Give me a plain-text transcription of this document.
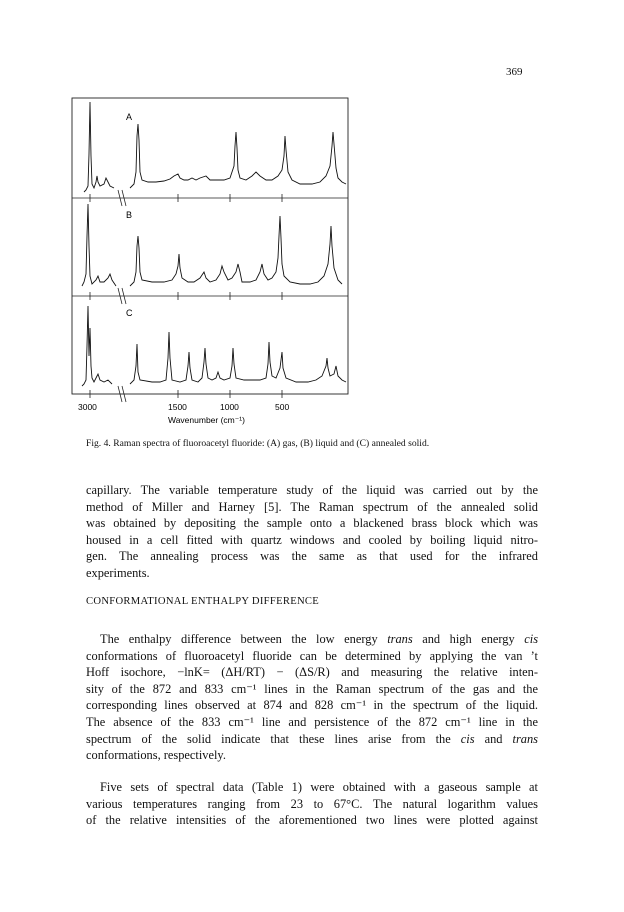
369
A
B
C
3000	1500	1000	500
Wavenumber (cm⁻¹)
Fig. 4. Raman spectra of fluoroacetyl fluoride: (A) gas, (B) liquid and (C) annealed solid.

capillary. The variable temperature study of the liquid was carried out by the
method of Miller and Harney [5]. The Raman spectrum of the annealed solid
was obtained by depositing the sample onto a blackened brass block which was
housed in a cell fitted with quartz windows and cooled by boiling liquid nitro-
gen. The annealing process was the same as that used for the infrared
experiments.

CONFORMATIONAL ENTHALPY DIFFERENCE

The enthalpy difference between the low energy trans and high energy cis
conformations of fluoroacetyl fluoride can be determined by applying the van ’t
Hoff isochore, −lnΚ= (ΔΗ/RT) − (ΔS/R) and measuring the relative inten-
sity of the 872 and 833 cm⁻¹ lines in the Raman spectrum of the gas and the
corresponding lines observed at 874 and 828 cm⁻¹ in the spectrum of the liquid.
The absence of the 833 cm⁻¹ line and persistence of the 872 cm⁻¹ line in the
spectrum of the solid indicate that these lines arise from the cis and trans
conformations, respectively.

Five sets of spectral data (Table 1) were obtained with a gaseous sample at
various temperatures ranging from 23 to 67°C. The natural logarithm values
of the relative intensities of the aforementioned two lines were plotted against
